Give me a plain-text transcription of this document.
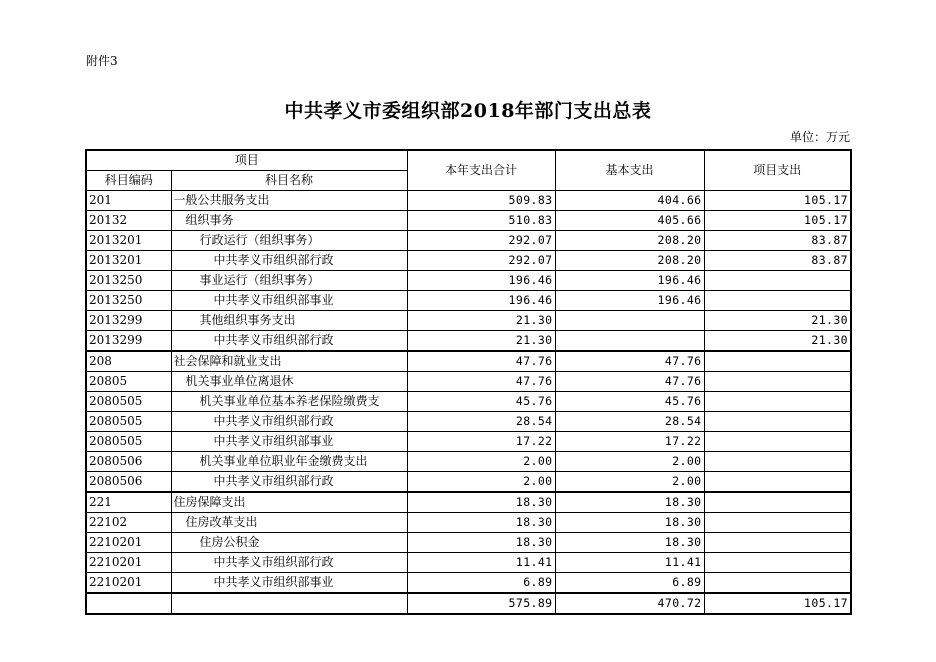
附件3
中共孝义市委组织部2018年部门支出总表
单位：万元
项目		本年支出合计	基本支出	项目支出
科目编码	科目名称			
201	一般公共服务支出	509.83	404.66	105.17
20132	组织事务	510.83	405.66	105.17
2013201	行政运行（组织事务）	292.07	208.20	83.87
2013201	中共孝义市组织部行政	292.07	208.20	83.87
2013250	事业运行（组织事务）	196.46	196.46	
2013250	中共孝义市组织部事业	196.46	196.46	
2013299	其他组织事务支出	21.30		21.30
2013299	中共孝义市组织部行政	21.30		21.30
208	社会保障和就业支出	47.76	47.76	
20805	机关事业单位离退休	47.76	47.76	
2080505	机关事业单位基本养老保险缴费支	45.76	45.76	
2080505	中共孝义市组织部行政	28.54	28.54	
2080505	中共孝义市组织部事业	17.22	17.22	
2080506	机关事业单位职业年金缴费支出	2.00	2.00	
2080506	中共孝义市组织部行政	2.00	2.00	
221	住房保障支出	18.30	18.30	
22102	住房改革支出	18.30	18.30	
2210201	住房公积金	18.30	18.30	
2210201	中共孝义市组织部行政	11.41	11.41	
2210201	中共孝义市组织部事业	6.89	6.89	
		575.89	470.72	105.17
